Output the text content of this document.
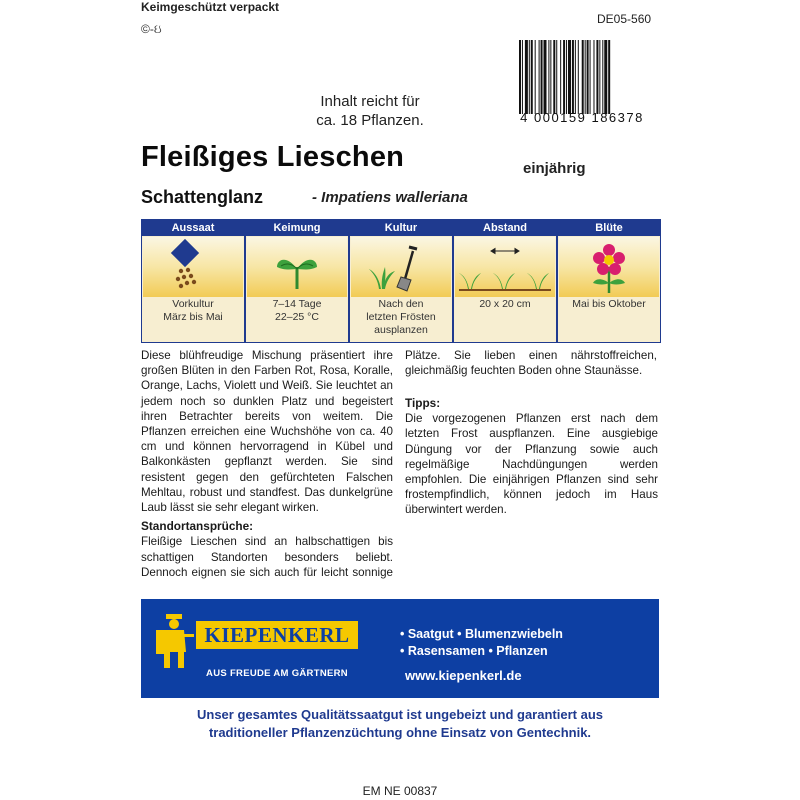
Keimgeschützt verpackt
©-ઇ
DE05-560
4 000159 186378
Inhalt reicht für
ca. 18 Pflanzen.
Fleißiges Lieschen	einjährig
Schattenglanz	- Impatiens walleriana
Aussaat
Vorkultur
März bis Mai
Keimung
7–14 Tage
22–25 °C
Kultur
Nach den
letzten Frösten
ausplanzen
Abstand
20 x 20 cm
Blüte
Mai bis Oktober

Diese blühfreudige Mischung präsentiert ihre großen Blüten in den Farben Rot, Rosa, Koralle, Orange, Lachs, Violett und Weiß. Sie leuchtet an jedem noch so dunklen Platz und begeistert ihren Betrachter bereits von weitem. Die Pflanzen erreichen eine Wuchshöhe von ca. 40 cm und können hervorragend in Kübel und Balkonkästen gepflanzt werden. Sie sind resistent gegen den gefürchteten Falschen Mehltau, robust und standfest. Das dunkelgrüne Laub lässt sie sehr elegant wirken.

Standortansprüche:

Fleißige Lieschen sind an halbschattigen bis schattigen Standorten besonders beliebt. Dennoch eignen sie sich auch für leicht sonnige

Plätze. Sie lieben einen nährstoffreichen, gleichmäßig feuchten Boden ohne Staunässe.

Tipps:

Die vorgezogenen Pflanzen erst nach dem letzten Frost auspflanzen. Eine ausgiebige Düngung vor der Pflanzung sowie auch regelmäßige Nachdüngungen werden empfohlen. Die einjährigen Pflanzen sind sehr frostempfindlich, können jedoch im Haus überwintert werden.

KIEPENKERL
AUS FREUDE AM GÄRTNERN
• Saatgut • Blumenzwiebeln
• Rasensamen • Pflanzen
www.kiepenkerl.de
Unser gesamtes Qualitätssaatgut ist ungebeizt und garantiert aus
traditioneller Pflanzenzüchtung ohne Einsatz von Gentechnik.
EM NE 00837
